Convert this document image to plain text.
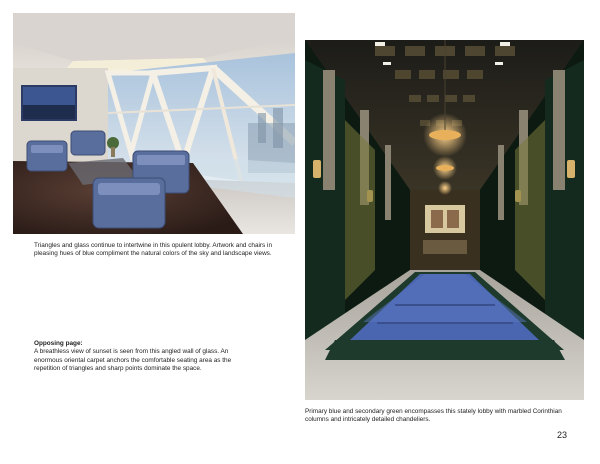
Triangles and glass continue to intertwine in this opulent lobby. Artwork and chairs in pleasing hues of blue compliment the natural colors of the sky and landscape views.
Opposing page:
A breathless view of sunset is seen from this angled wall of glass. An enormous oriental carpet anchors the comfortable seating area as the repetition of triangles and sharp points dominate the space.
Primary blue and secondary green encompasses this stately lobby with marbled Corinthian columns and intricately detailed chandeliers.
23
